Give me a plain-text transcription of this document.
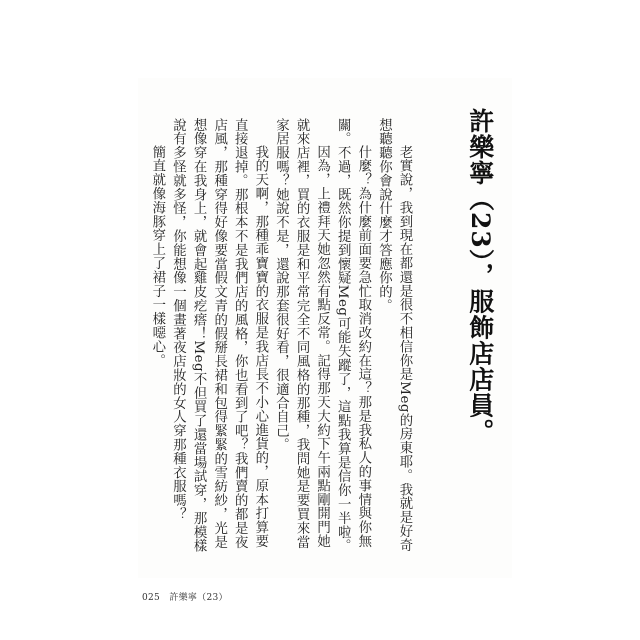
許樂寧（23），服飾店店員。

老實說，我到現在都還是很不相信你是Meg的房東耶。我就是好奇想聽聽你會說什麼才答應你的。

什麼？為什麼前面要急忙取消改約在這？那是我私人的事情與你無關。不過，既然你提到懷疑Meg可能失蹤了，這點我算是信你一半啦。

因為，上禮拜天她忽然有點反常。記得那天大約下午兩點剛開門她就來店裡，買的衣服是和平常完全不同風格的那種，我問她是要買來當家居服嗎？她說不是，還說那套很好看，很適合自己。

我的天啊，那種乖寶寶的衣服是我店長不小心進貨的，原本打算要直接退掉。那根本不是我們店的風格，你也看到了吧？我們賣的都是夜店風，那種穿得好像要當假文青的假掰長裙和包得緊緊的雪紡紗，光是想像穿在我身上，就會起雞皮疙瘩！Meg不但買了還當場試穿，那模樣說有多怪就多怪，你能想像一個畫著夜店妝的女人穿那種衣服嗎？

簡直就像海豚穿上了裙子一樣噁心。

025 許樂寧（23）
